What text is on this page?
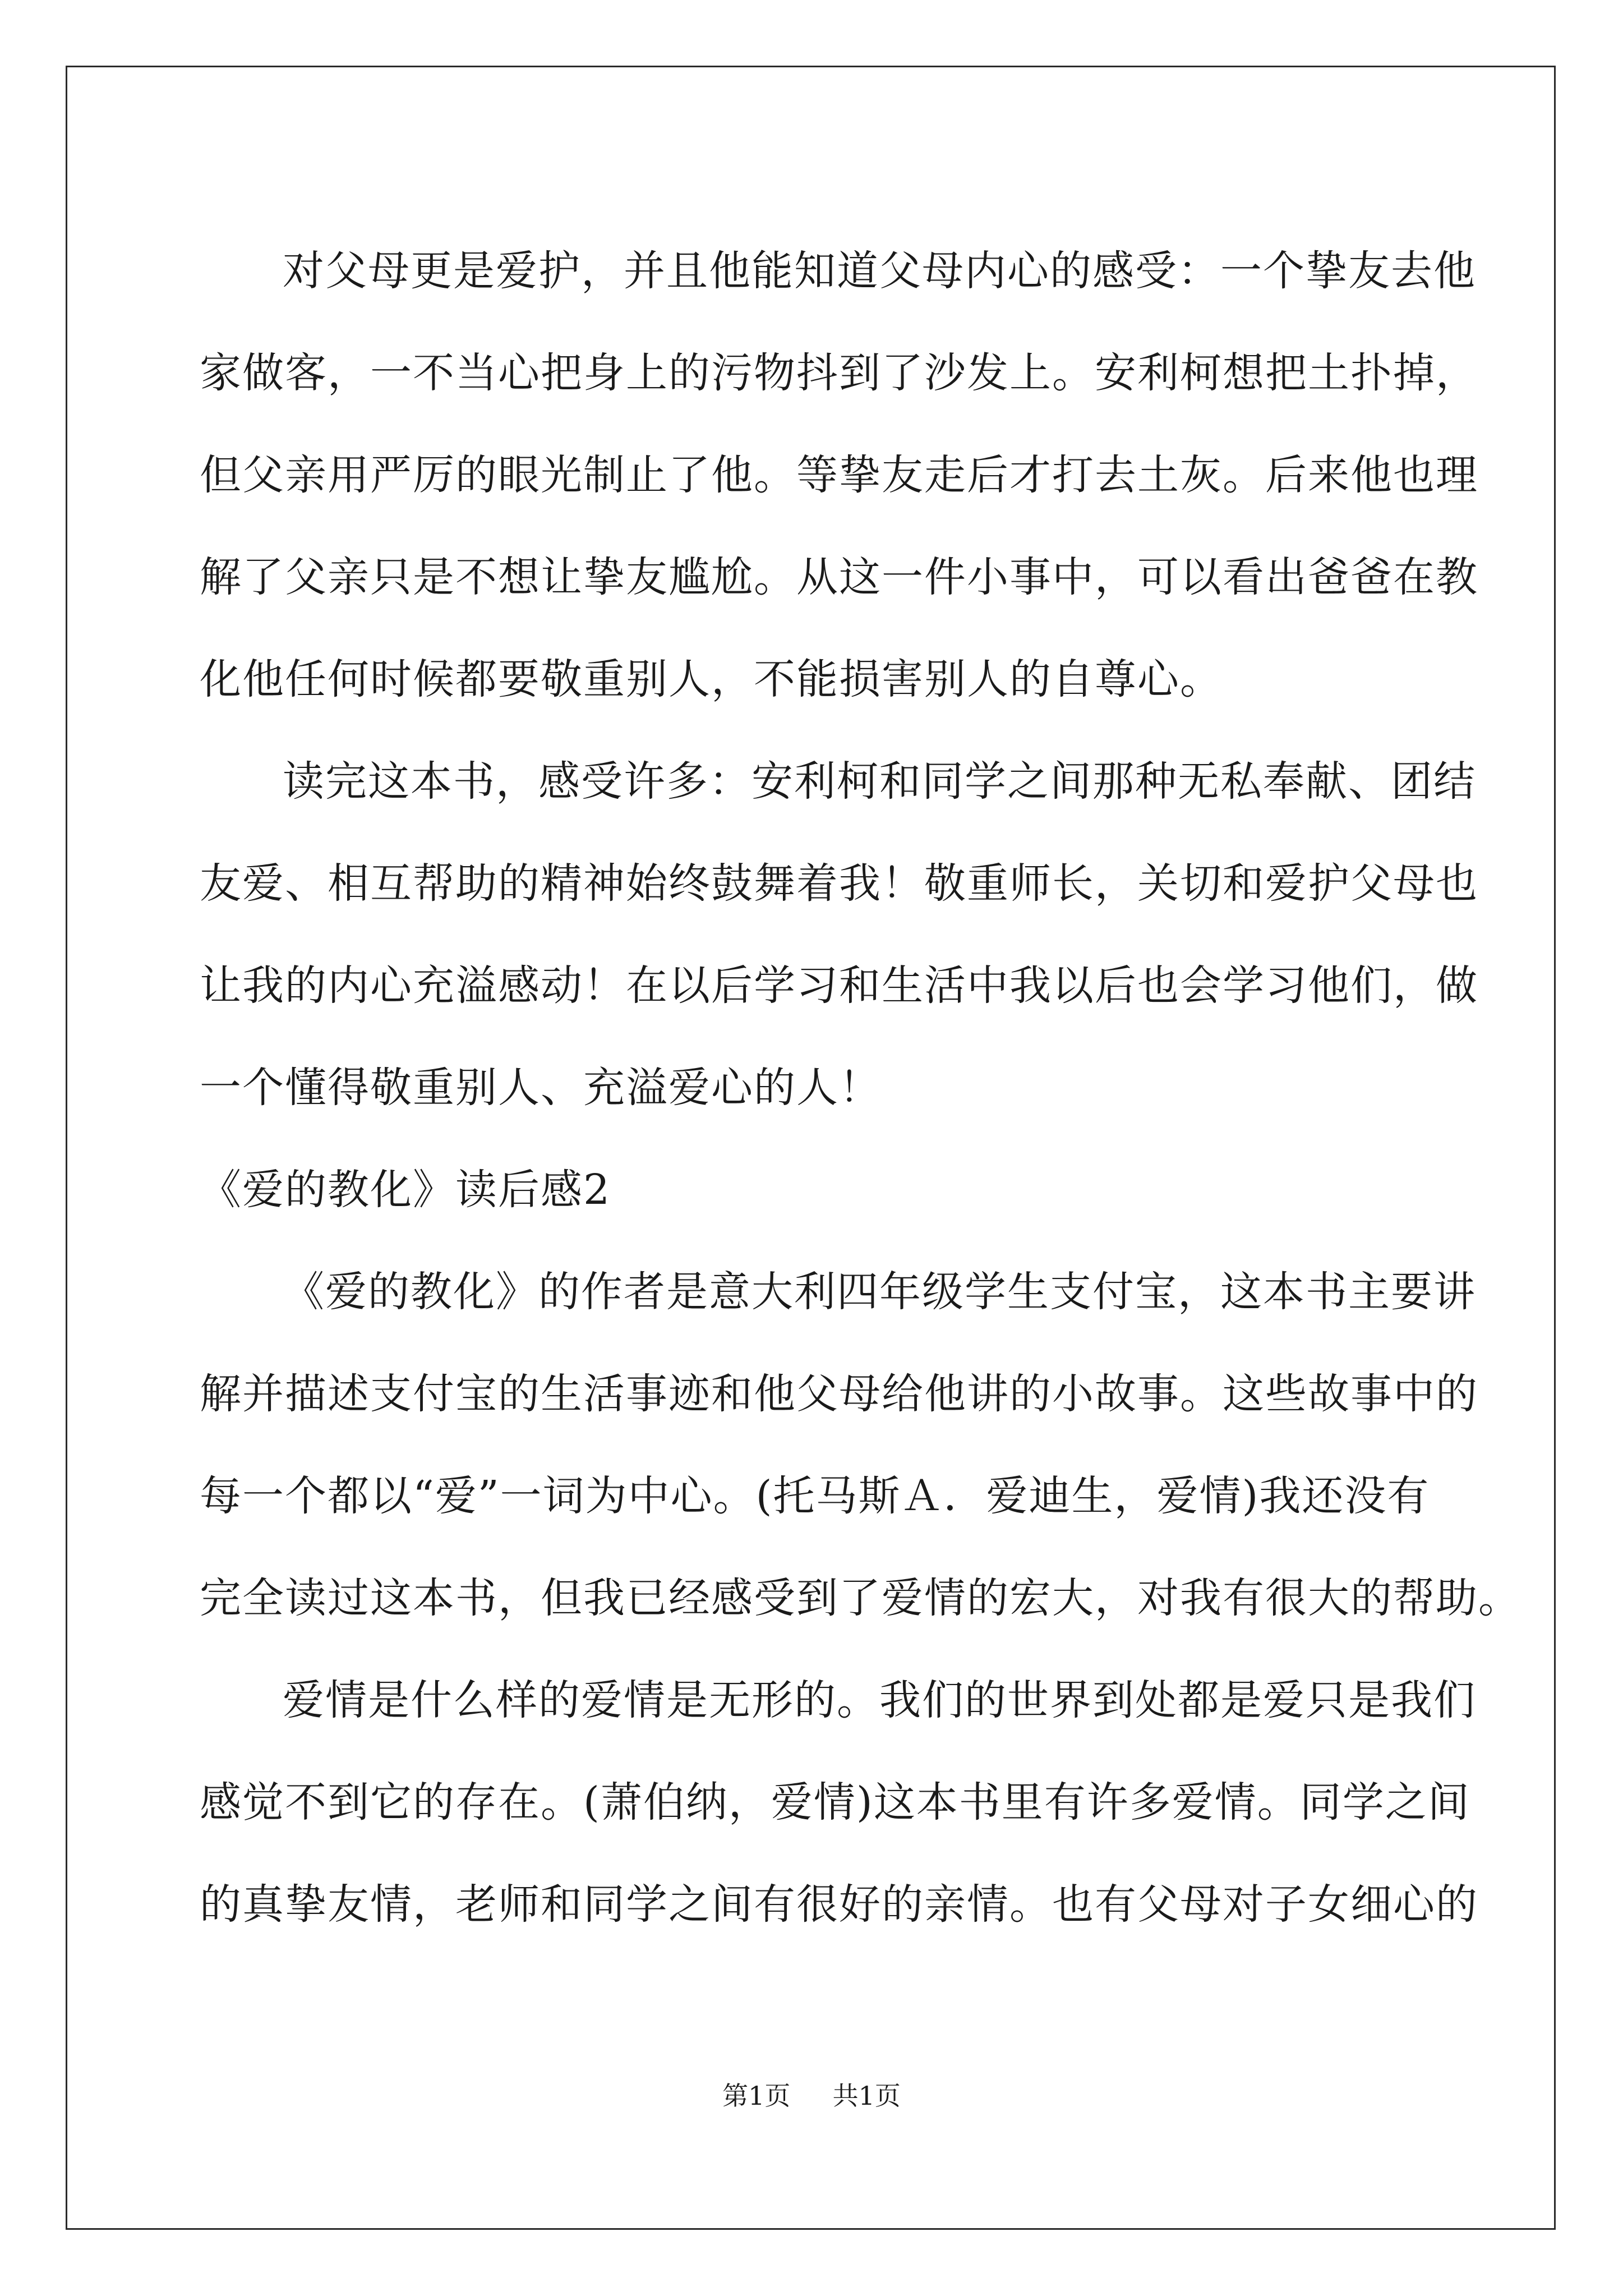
对父母更是爱护，并且他能知道父母内心的感受：一个挚友去他
家做客，一不当心把身上的污物抖到了沙发上。安利柯想把土扑掉，
但父亲用严厉的眼光制止了他。等挚友走后才打去土灰。后来他也理
解了父亲只是不想让挚友尴尬。从这一件小事中，可以看出爸爸在教
化他任何时候都要敬重别人，不能损害别人的自尊心。
读完这本书，感受许多：安利柯和同学之间那种无私奉献、团结
友爱、相互帮助的精神始终鼓舞着我！敬重师长，关切和爱护父母也
让我的内心充溢感动！在以后学习和生活中我以后也会学习他们，做
一个懂得敬重别人、充溢爱心的人！
《爱的教化》读后感2
《爱的教化》的作者是意大利四年级学生支付宝，这本书主要讲
解并描述支付宝的生活事迹和他父母给他讲的小故事。这些故事中的
每一个都以“爱”一词为中心。(托马斯Ａ．爱迪生，爱情)我还没有
完全读过这本书，但我已经感受到了爱情的宏大，对我有很大的帮助。
爱情是什么样的爱情是无形的。我们的世界到处都是爱只是我们
感觉不到它的存在。(萧伯纳，爱情)这本书里有许多爱情。同学之间
的真挚友情，老师和同学之间有很好的亲情。也有父母对子女细心的
第1页 共1页
